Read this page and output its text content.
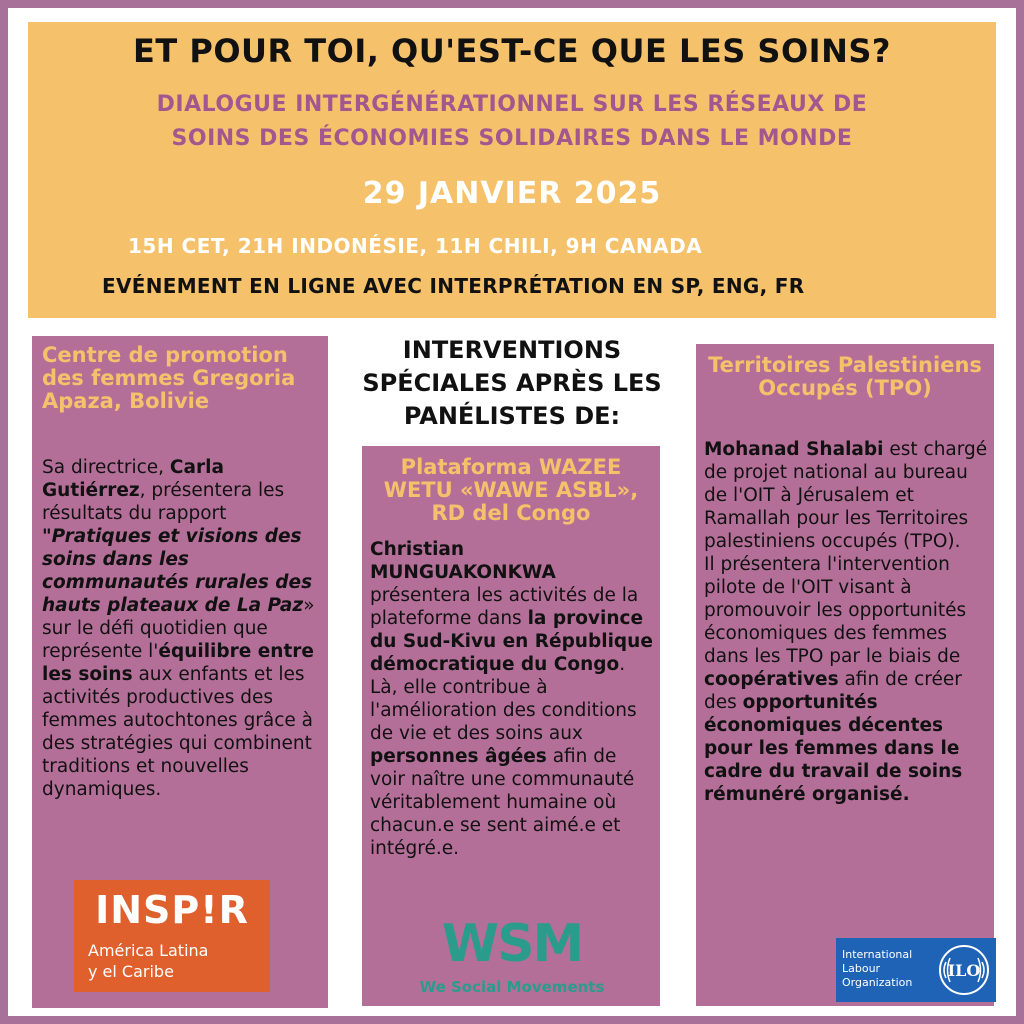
ET POUR TOI, QU'EST-CE QUE LES SOINS?
DIALOGUE INTERGÉNÉRATIONNEL SUR LES RÉSEAUX DE
SOINS DES ÉCONOMIES SOLIDAIRES DANS LE MONDE
29 JANVIER 2025
15H CET, 21H INDONÉSIE, 11H CHILI, 9H CANADA
EVÉNEMENT EN LIGNE AVEC INTERPRÉTATION EN SP, ENG, FR
Centre de promotion des femmes Gregoria Apaza, Bolivie
Sa directrice, Carla Gutiérrez, présentera les résultats du rapport "Pratiques et visions des soins dans les communautés rurales des hauts plateaux de La Paz» sur le défi quotidien que représente l'équilibre entre les soins aux enfants et les activités productives des femmes autochtones grâce à des stratégies qui combinent traditions et nouvelles dynamiques.
INSP!R
América Latina
y el Caribe
INTERVENTIONS
SPÉCIALES APRÈS LES
PANÉLISTES DE:
Plataforma WAZEE WETU «WAWE ASBL», RD del Congo
Christian MUNGUAKONKWA présentera les activités de la plateforme dans la province du Sud-Kivu en République démocratique du Congo. Là, elle contribue à l'amélioration des conditions de vie et des soins aux personnes âgées afin de voir naître une communauté véritablement humaine où chacun.e se sent aimé.e et intégré.e.
WSM
We Social Movements
Territoires Palestiniens Occupés (TPO)
Mohanad Shalabi est chargé de projet national au bureau de l'OIT à Jérusalem et Ramallah pour les Territoires palestiniens occupés (TPO).
Il présentera l'intervention pilote de l'OIT visant à promouvoir les opportunités économiques des femmes dans les TPO par le biais de coopératives afin de créer des opportunités économiques décentes pour les femmes dans le cadre du travail de soins rémunéré organisé.
International
Labour
Organization
ILO
